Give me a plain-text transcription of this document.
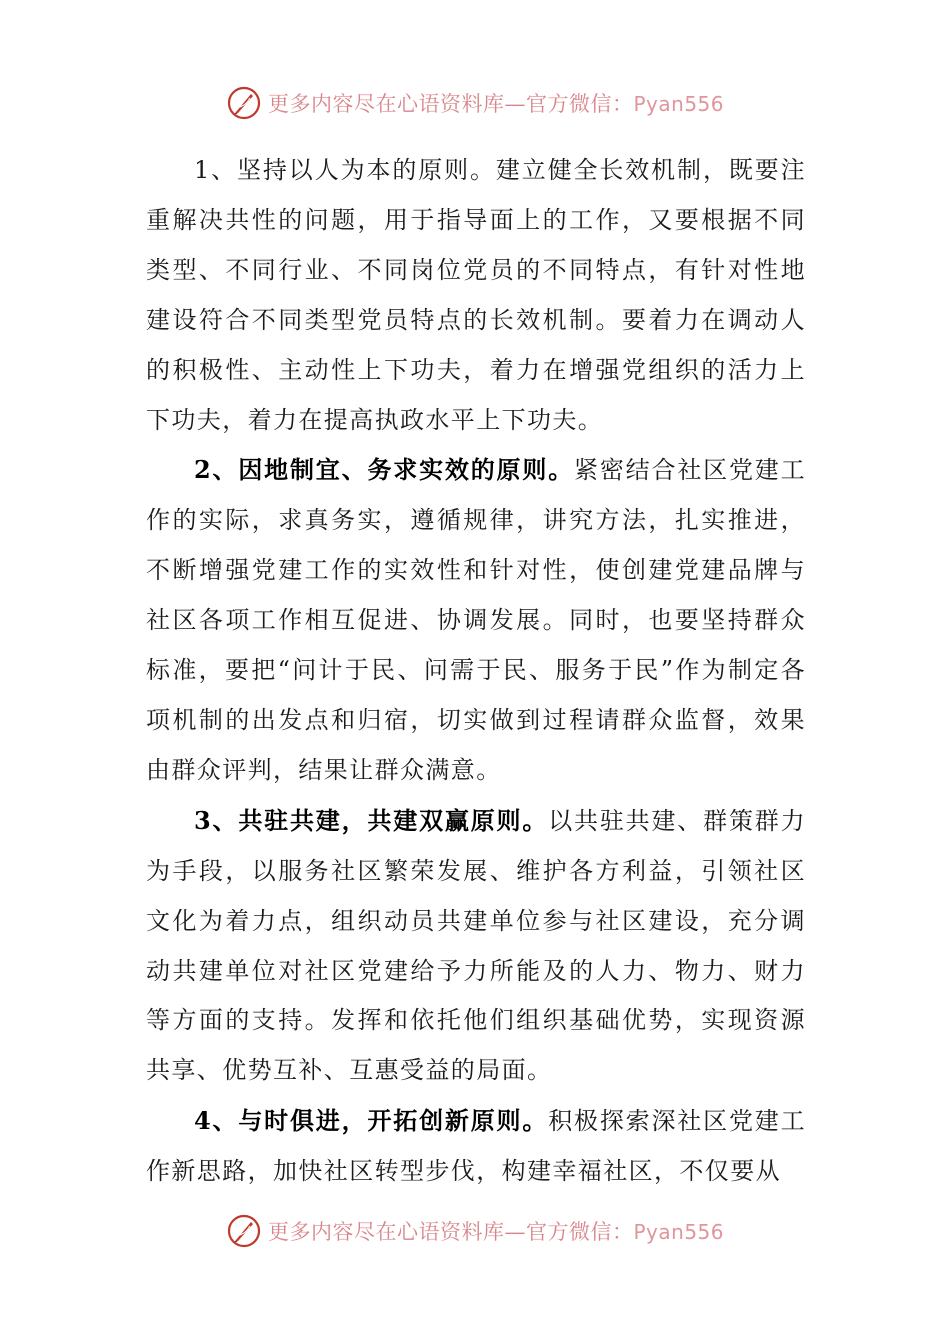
更多内容尽在心语资料库—官方微信：Pyan556

1、坚持以人为本的原则。建立健全长效机制，既要注重解决共性的问题，用于指导面上的工作，又要根据不同类型、不同行业、不同岗位党员的不同特点，有针对性地建设符合不同类型党员特点的长效机制。要着力在调动人的积极性、主动性上下功夫，着力在增强党组织的活力上下功夫，着力在提高执政水平上下功夫。

2、因地制宜、务求实效的原则。紧密结合社区党建工作的实际，求真务实，遵循规律，讲究方法，扎实推进，不断增强党建工作的实效性和针对性，使创建党建品牌与社区各项工作相互促进、协调发展。同时，也要坚持群众标准，要把“问计于民、问需于民、服务于民”作为制定各项机制的出发点和归宿，切实做到过程请群众监督，效果由群众评判，结果让群众满意。

3、共驻共建，共建双赢原则。以共驻共建、群策群力为手段，以服务社区繁荣发展、维护各方利益，引领社区文化为着力点，组织动员共建单位参与社区建设，充分调动共建单位对社区党建给予力所能及的人力、物力、财力等方面的支持。发挥和依托他们组织基础优势，实现资源共享、优势互补、互惠受益的局面。

4、与时俱进，开拓创新原则。积极探索深社区党建工作新思路，加快社区转型步伐，构建幸福社区，不仅要从

更多内容尽在心语资料库—官方微信：Pyan556
